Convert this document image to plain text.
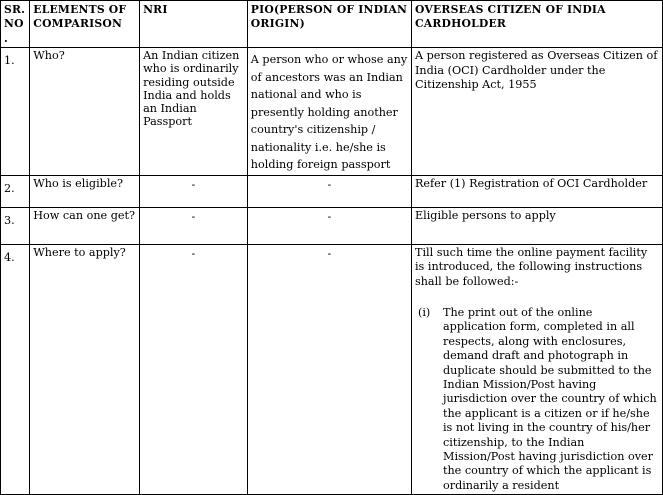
SR. NO.	ELEMENTS OF COMPARISON	NRI	PIO(PERSON OF INDIAN ORIGIN)	OVERSEAS CITIZEN OF INDIA CARDHOLDER
1.	Who?	An Indian citizen who is ordinarily residing outside India and holds an Indian Passport	A person who or whose any of ancestors was an Indian national and who is presently holding another country's citizenship / nationality i.e. he/she is holding foreign passport	A person registered as Overseas Citizen of India (OCI) Cardholder under the Citizenship Act, 1955
2.	Who is eligible?	-	-	Refer (1) Registration of OCI Cardholder
3.	How can one get?	-	-	Eligible persons to apply
4.	Where to apply?	-	-	Till such time the online payment facility is introduced, the following instructions shall be followed:-
(i) The print out of the online application form, completed in all respects, along with enclosures, demand draft and photograph in duplicate should be submitted to the Indian Mission/Post having jurisdiction over the country of which the applicant is a citizen or if he/she is not living in the country of his/her citizenship, to the Indian Mission/Post having jurisdiction over the country of which the applicant is ordinarily a resident
